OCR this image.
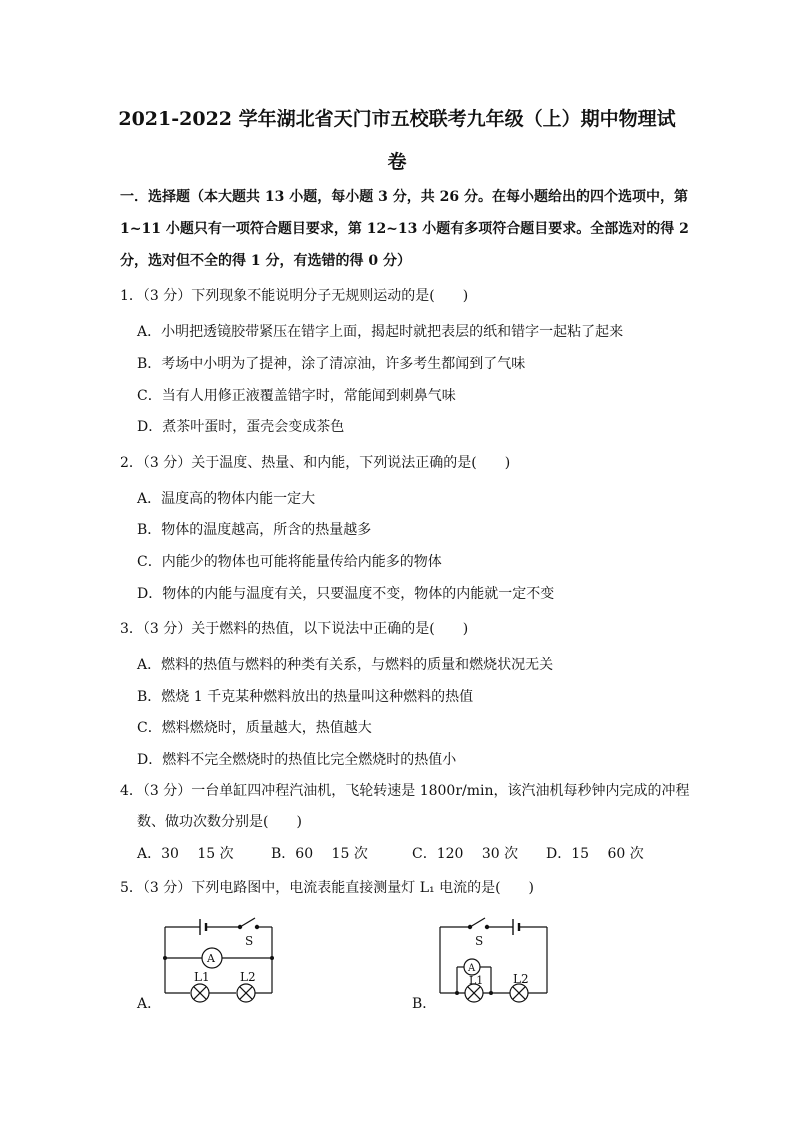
2021-2022 学年湖北省天门市五校联考九年级（上）期中物理试
卷
一．选择题（本大题共 13 小题，每小题 3 分，共 26 分。在每小题给出的四个选项中，第
1~11 小题只有一项符合题目要求，第 12~13 小题有多项符合题目要求。全部选对的得 2
分，选对但不全的得 1 分，有选错的得 0 分）
1．（3 分）下列现象不能说明分子无规则运动的是(　　)
A．小明把透镜胶带紧压在错字上面，揭起时就把表层的纸和错字一起粘了起来
B．考场中小明为了提神，涂了清凉油，许多考生都闻到了气味
C．当有人用修正液覆盖错字时，常能闻到刺鼻气味
D．煮茶叶蛋时，蛋壳会变成茶色
2．（3 分）关于温度、热量、和内能，下列说法正确的是(　　)
A．温度高的物体内能一定大
B．物体的温度越高，所含的热量越多
C．内能少的物体也可能将能量传给内能多的物体
D．物体的内能与温度有关，只要温度不变，物体的内能就一定不变
3．（3 分）关于燃料的热值，以下说法中正确的是(　　)
A．燃料的热值与燃料的种类有关系，与燃料的质量和燃烧状况无关
B．燃烧 1 千克某种燃料放出的热量叫这种燃料的热值
C．燃料燃烧时，质量越大，热值越大
D．燃料不完全燃烧时的热值比完全燃烧时的热值小
4．（3 分）一台单缸四冲程汽油机，飞轮转速是 1800r/min，该汽油机每秒钟内完成的冲程
数、做功次数分别是(　　)
A．30　 15 次	B．60　 15 次	C．120　 30 次 D．15　 60 次
5．（3 分）下列电路图中，电流表能直接测量灯 L₁ 电流的是(　　)
S
A
L1	L2
A．
S
A
L1 L2
B．
